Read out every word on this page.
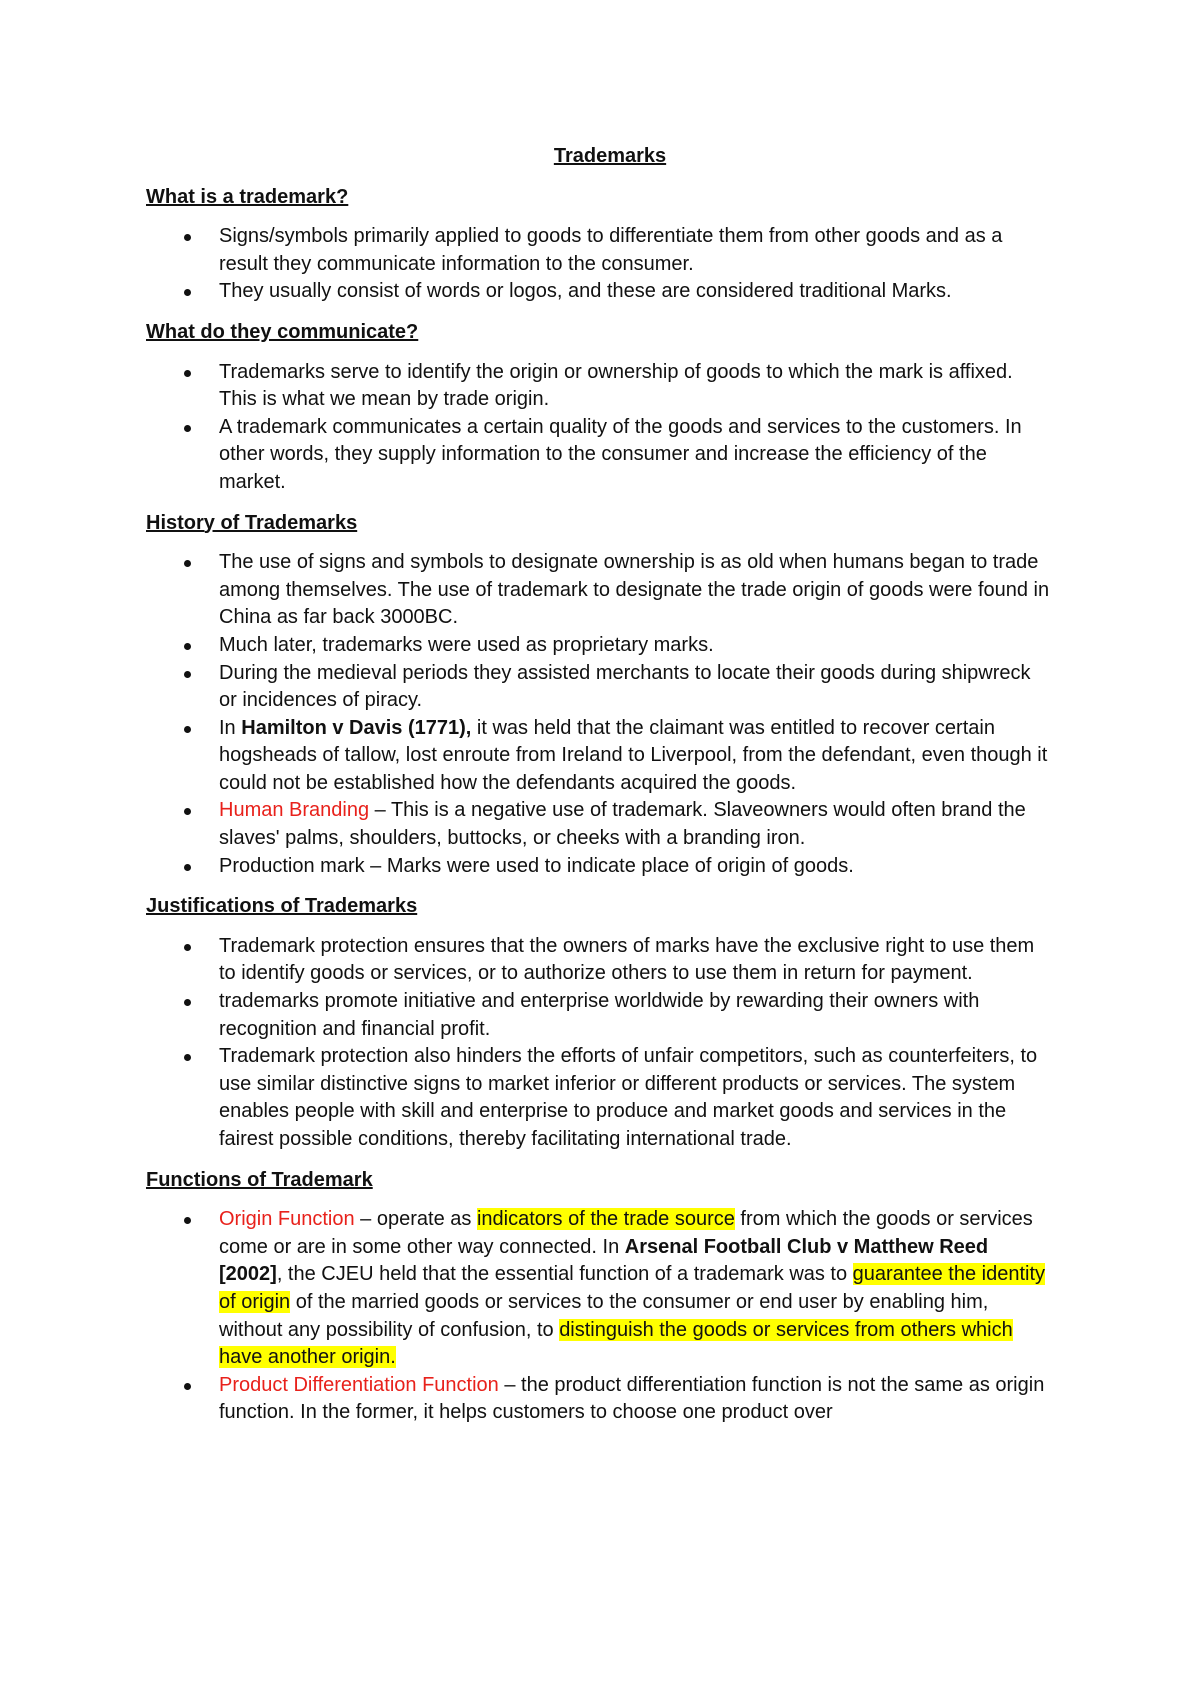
Trademarks
What is a trademark?
Signs/symbols primarily applied to goods to differentiate them from other goods and as a result they communicate information to the consumer.
They usually consist of words or logos, and these are considered traditional Marks.
What do they communicate?
Trademarks serve to identify the origin or ownership of goods to which the mark is affixed. This is what we mean by trade origin.
A trademark communicates a certain quality of the goods and services to the customers. In other words, they supply information to the consumer and increase the efficiency of the market.
History of Trademarks
The use of signs and symbols to designate ownership is as old when humans began to trade among themselves. The use of trademark to designate the trade origin of goods were found in China as far back 3000BC.
Much later, trademarks were used as proprietary marks.
During the medieval periods they assisted merchants to locate their goods during shipwreck or incidences of piracy.
In Hamilton v Davis (1771), it was held that the claimant was entitled to recover certain hogsheads of tallow, lost enroute from Ireland to Liverpool, from the defendant, even though it could not be established how the defendants acquired the goods.
Human Branding – This is a negative use of trademark. Slaveowners would often brand the slaves' palms, shoulders, buttocks, or cheeks with a branding iron.
Production mark – Marks were used to indicate place of origin of goods.
Justifications of Trademarks
Trademark protection ensures that the owners of marks have the exclusive right to use them to identify goods or services, or to authorize others to use them in return for payment.
trademarks promote initiative and enterprise worldwide by rewarding their owners with recognition and financial profit.
Trademark protection also hinders the efforts of unfair competitors, such as counterfeiters, to use similar distinctive signs to market inferior or different products or services. The system enables people with skill and enterprise to produce and market goods and services in the fairest possible conditions, thereby facilitating international trade.
Functions of Trademark
Origin Function – operate as indicators of the trade source from which the goods or services come or are in some other way connected. In Arsenal Football Club v Matthew Reed [2002], the CJEU held that the essential function of a trademark was to guarantee the identity of origin of the married goods or services to the consumer or end user by enabling him, without any possibility of confusion, to distinguish the goods or services from others which have another origin.
Product Differentiation Function – the product differentiation function is not the same as origin function. In the former, it helps customers to choose one product over
